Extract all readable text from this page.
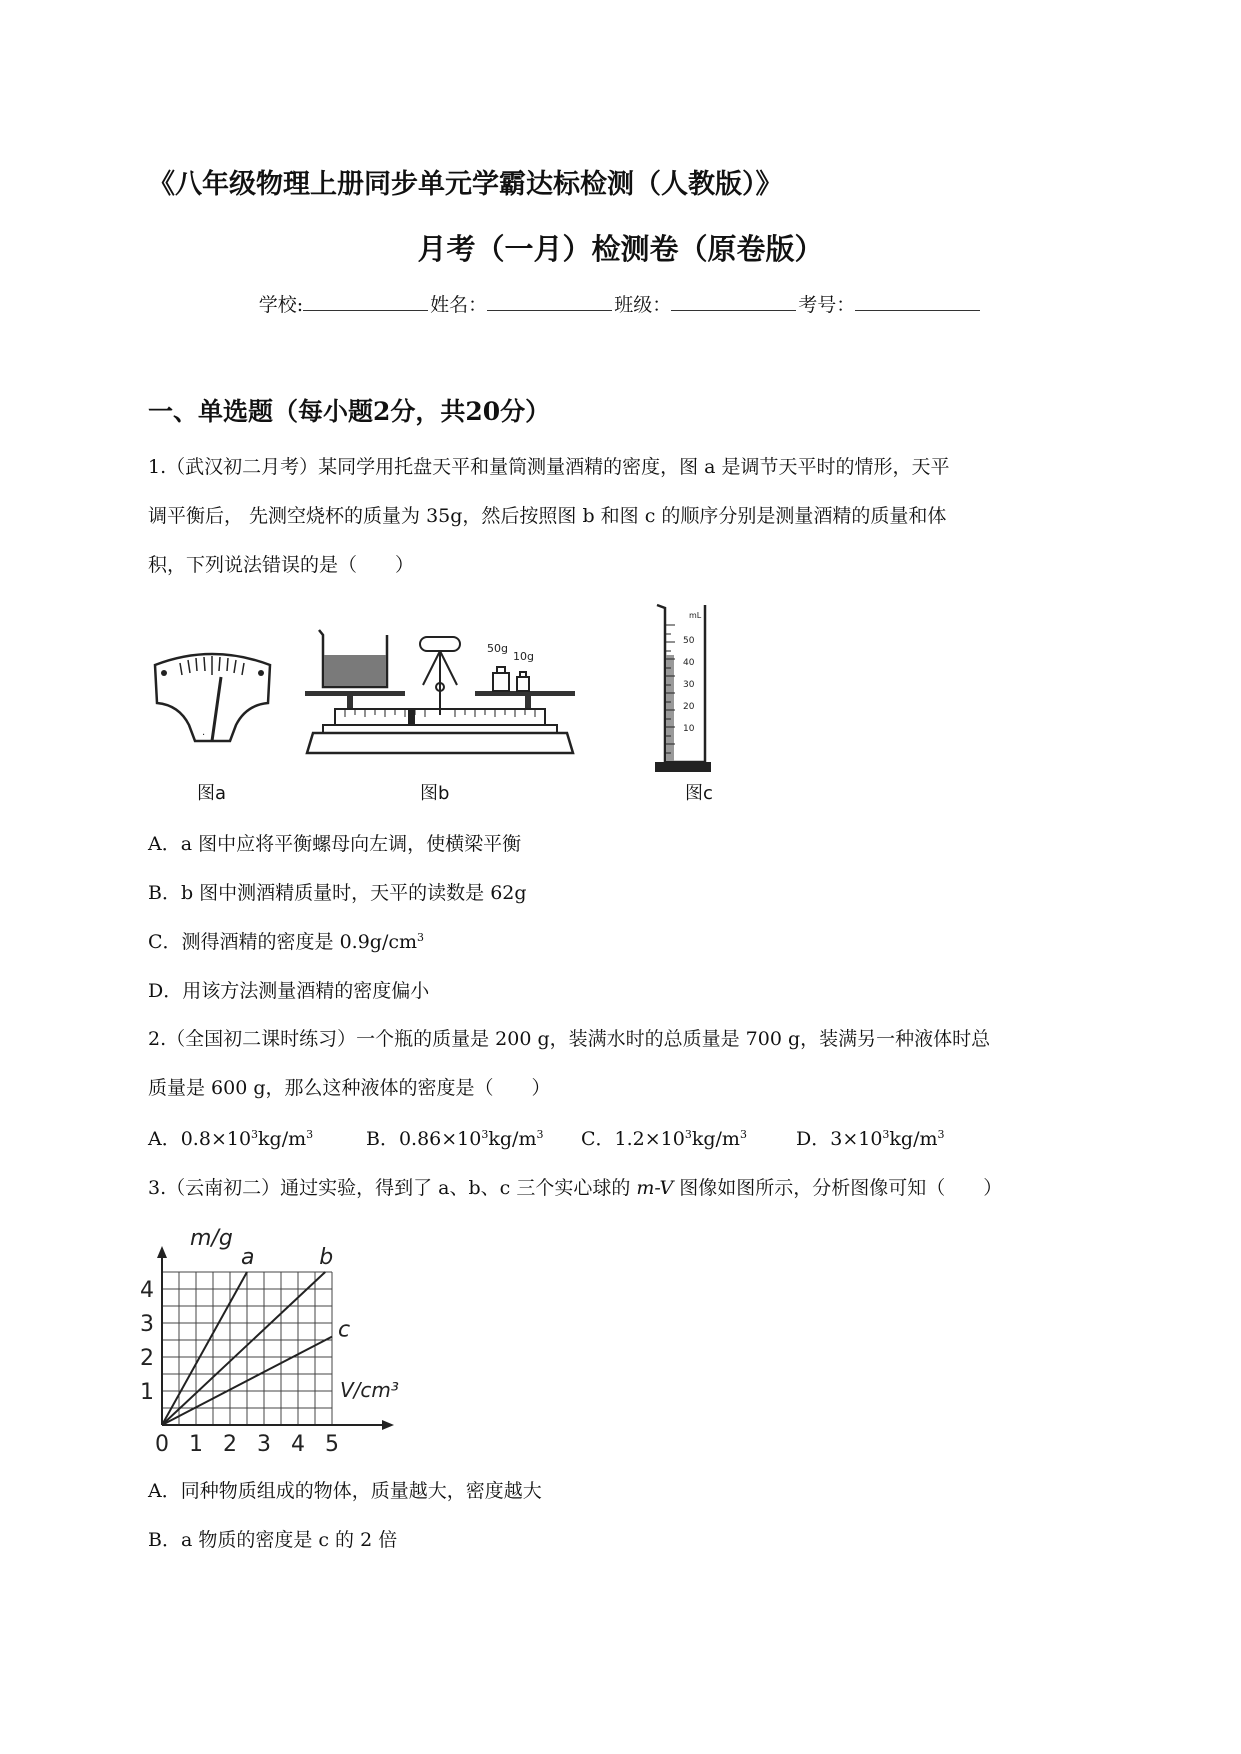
《八年级物理上册同步单元学霸达标检测（人教版）》
月考（一月）检测卷（原卷版）
学校:	姓名：	班级：	考号：
一、单选题（每小题2分，共20分）
1.（武汉初二月考）某同学用托盘天平和量筒测量酒精的密度，图 a 是调节天平时的情形，天平
调平衡后， 先测空烧杯的质量为 35g，然后按照图 b 和图 c 的顺序分别是测量酒精的质量和体
积，下列说法错误的是（　　）
·
图a
50g
10g
图b
mL
50
40
30
20
10
图c
A．a 图中应将平衡螺母向左调，使横梁平衡
B．b 图中测酒精质量时，天平的读数是 62g
C．测得酒精的密度是 $0.9g/cm^3$
D．用该方法测量酒精的密度偏小
2.（全国初二课时练习）一个瓶的质量是 200 g，装满水时的总质量是 700 g，装满另一种液体时总
质量是 600 g，那么这种液体的密度是（　　）
A．$0.8\times 10^3kg/m^3$	B．$0.86\times 10^3kg/m^3$	C．$1.2\times 10^3kg/m^3$	D．$3\times 10^3kg/m^3$
3.（云南初二）通过实验，得到了 a、b、c 三个实心球的 m-V 图像如图所示，分析图像可知（　　）
0 1 2 3 4 5
1
2
3
4
a	b
c
m/g
V/cm³
A．同种物质组成的物体，质量越大，密度越大
B．a 物质的密度是 c 的 2 倍
